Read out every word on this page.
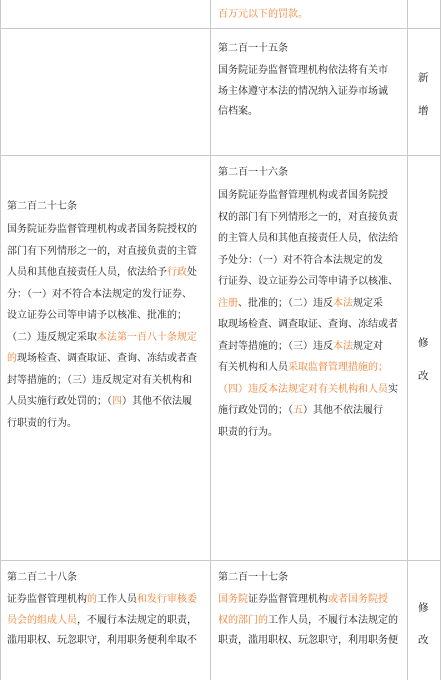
百万元以下的罚款。
第二百一十五条
国务院证券监督管理机构依法将有关市
场主体遵守本法的情况纳入证券市场诚
信档案。
新
增
第二百二十七条
国务院证券监督管理机构或者国务院授权的
部门有下列情形之一的，对直接负责的主管
人员和其他直接责任人员，依法给予行政处
分：（一）对不符合本法规定的发行证券、
设立证券公司等申请予以核准、批准的；
（二）违反规定采取本法第一百八十条规定
的现场检查、调查取证、查询、冻结或者查
封等措施的；（三）违反规定对有关机构和
人员实施行政处罚的；（四）其他不依法履
行职责的行为。
第二百一十六条
国务院证券监督管理机构或者国务院授
权的部门有下列情形之一的，对直接负责
的主管人员和其他直接责任人员，依法给
予处分：（一）对不符合本法规定的发
行证券、设立证券公司等申请予以核准、
注册、批准的；（二）违反本法规定采
取现场检查、调查取证、查询、冻结或者
查封等措施的；（三）违反本法规定对
有关机构和人员采取监督管理措施的；
（四）违反本法规定对有关机构和人员实
施行政处罚的；（五）其他不依法履行
职责的行为。
修
改
第二百二十八条
证券监督管理机构的工作人员和发行审核委
员会的组成人员，不履行本法规定的职责，
滥用职权、玩忽职守，利用职务便利牟取不
第二百一十七条
国务院证券监督管理机构或者国务院授
权的部门的工作人员，不履行本法规定的
职责，滥用职权、玩忽职守，利用职务便
修
改
